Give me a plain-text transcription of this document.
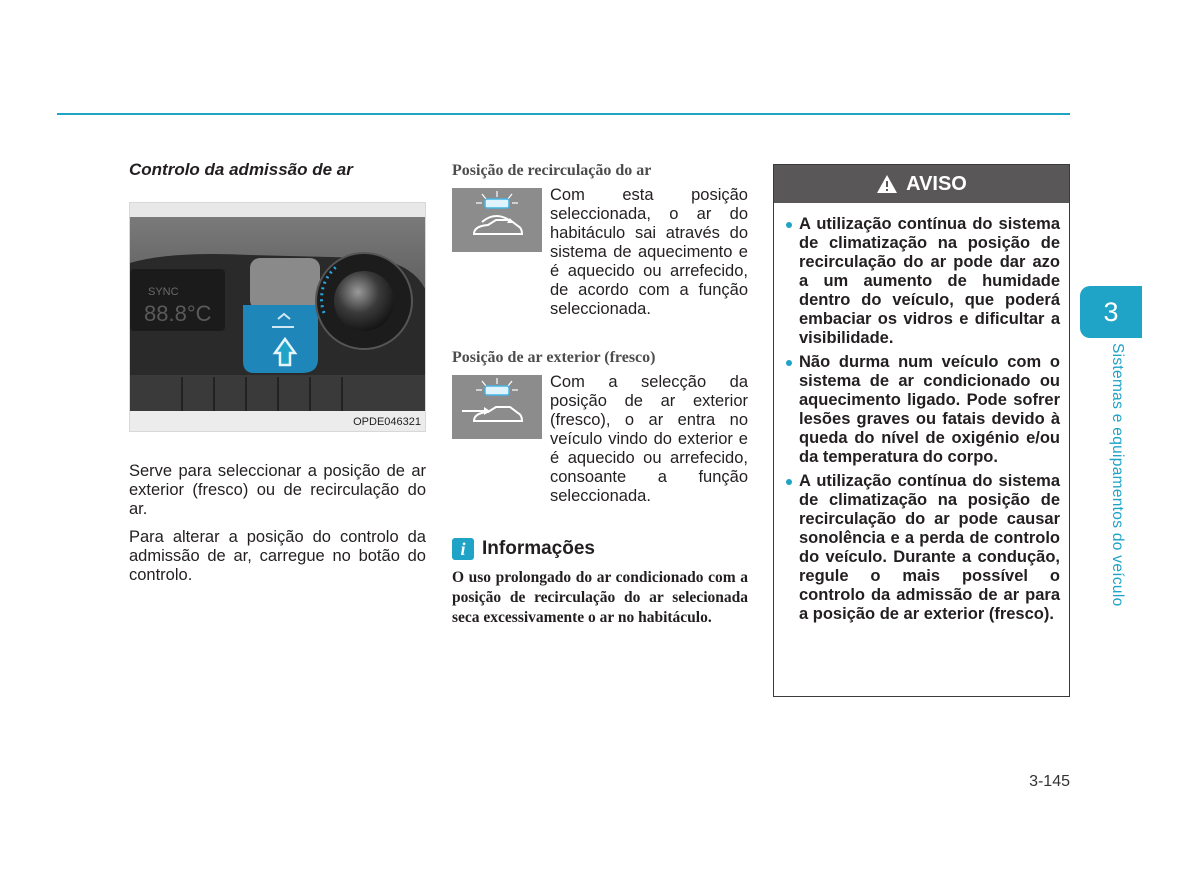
Controlo da admissão de ar
SYNC
88.8°C
OPDE046321

Serve para seleccionar a posição de ar exterior (fresco) ou de recirculação do ar.

Para alterar a posição do controlo da admissão de ar, carregue no botão do controlo.

Posição de recirculação do ar
Com esta posição seleccionada, o ar do habitáculo sai através do sistema de aquecimento e é aquecido ou arrefecido, de acordo com a função seleccionada.
Posição de ar exterior (fresco)
Com a selecção da posição de ar exterior (fresco), o ar entra no veículo vindo do exterior e é aquecido ou arrefecido, consoante a função seleccionada.
i Informações
O uso prolongado do ar condicionado com a posição de recirculação do ar selecionada seca excessivamente o ar no habitáculo.
AVISO
A utilização contínua do sistema de climatização na posição de recirculação do ar pode dar azo a um aumento de humidade dentro do veículo, que poderá embaciar os vidros e dificultar a visibilidade.
Não durma num veículo com o sistema de ar condicionado ou aquecimento ligado. Pode sofrer lesões graves ou fatais devido à queda do nível de oxigénio e/ou da temperatura do corpo.
A utilização contínua do sistema de climatização na posição de recirculação do ar pode causar sonolência e a perda de controlo do veículo. Durante a condução, regule o mais possível o controlo da admissão de ar para a posição de ar exterior (fresco).
3
Sistemas e equipamentos do veículo
3-145
